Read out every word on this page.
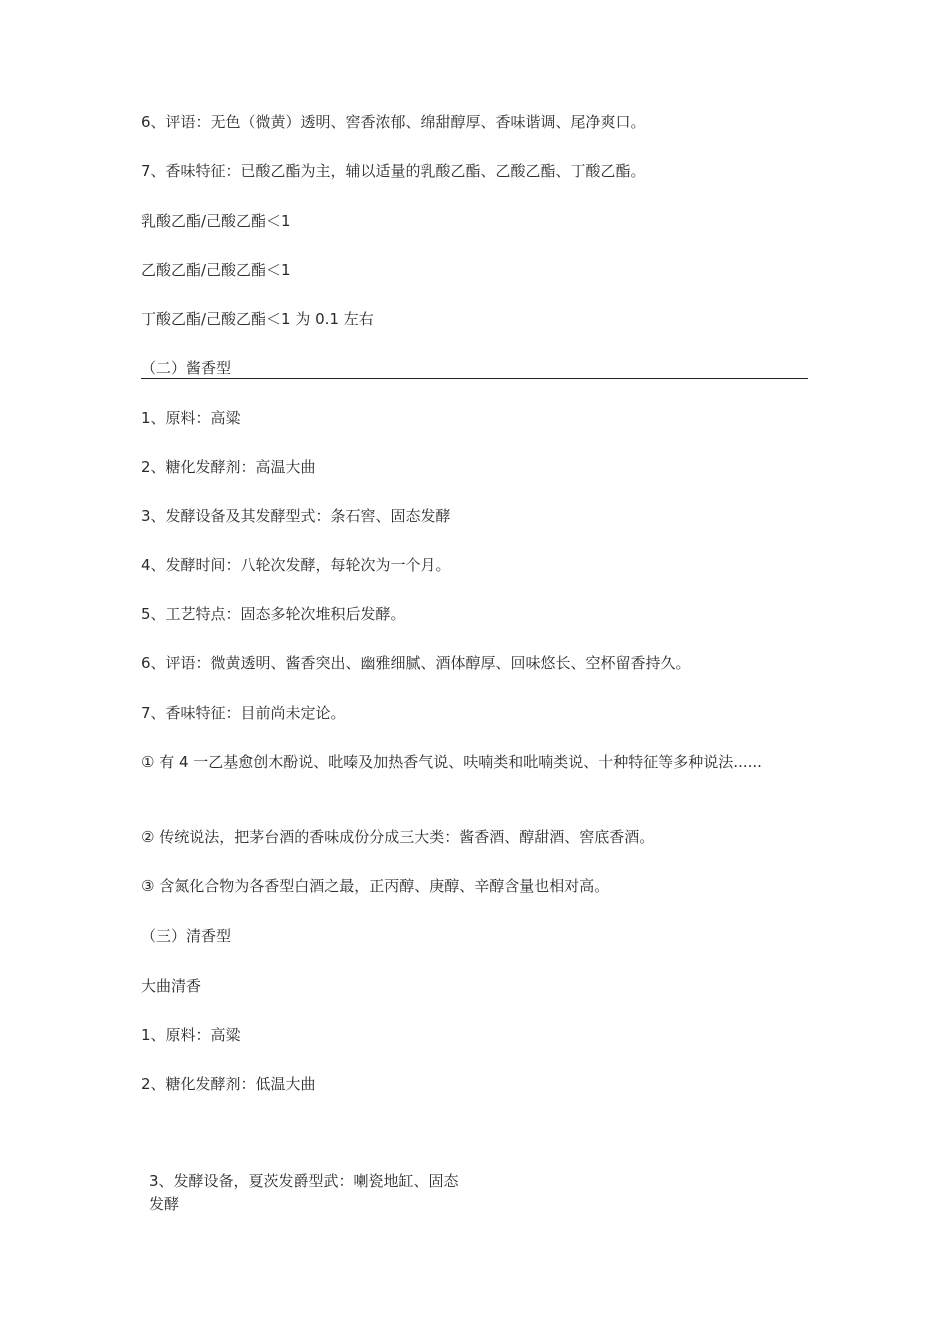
6、评语：无色（微黄）透明、窖香浓郁、绵甜醇厚、香味谐调、尾净爽口。
7、香味特征：已酸乙酯为主，辅以适量的乳酸乙酯、乙酸乙酯、丁酸乙酯。
乳酸乙酯/己酸乙酯＜1
乙酸乙酯/己酸乙酯＜1
丁酸乙酯/己酸乙酯＜1 为 0.1 左右
（二）酱香型
1、原料：高粱
2、糖化发酵剂：高温大曲
3、发酵设备及其发酵型式：条石窖、固态发酵
4、发酵时间：八轮次发酵，每轮次为一个月。
5、工艺特点：固态多轮次堆积后发酵。
6、评语：微黄透明、酱香突出、幽雅细腻、酒体醇厚、回味悠长、空杯留香持久。
7、香味特征：目前尚未定论。
① 有 4 一乙基愈创木酚说、吡嗪及加热香气说、呋喃类和吡喃类说、十种特征等多种说法......
② 传统说法，把茅台酒的香味成份分成三大类：酱香酒、醇甜酒、窖底香酒。
③ 含氮化合物为各香型白酒之最，正丙醇、庚醇、辛醇含量也相对高。
（三）清香型
大曲清香
1、原料：高粱
2、糖化发酵剂：低温大曲
3、发酵设备，夏茨发爵型武：喇瓷地缸、固态
发酵
